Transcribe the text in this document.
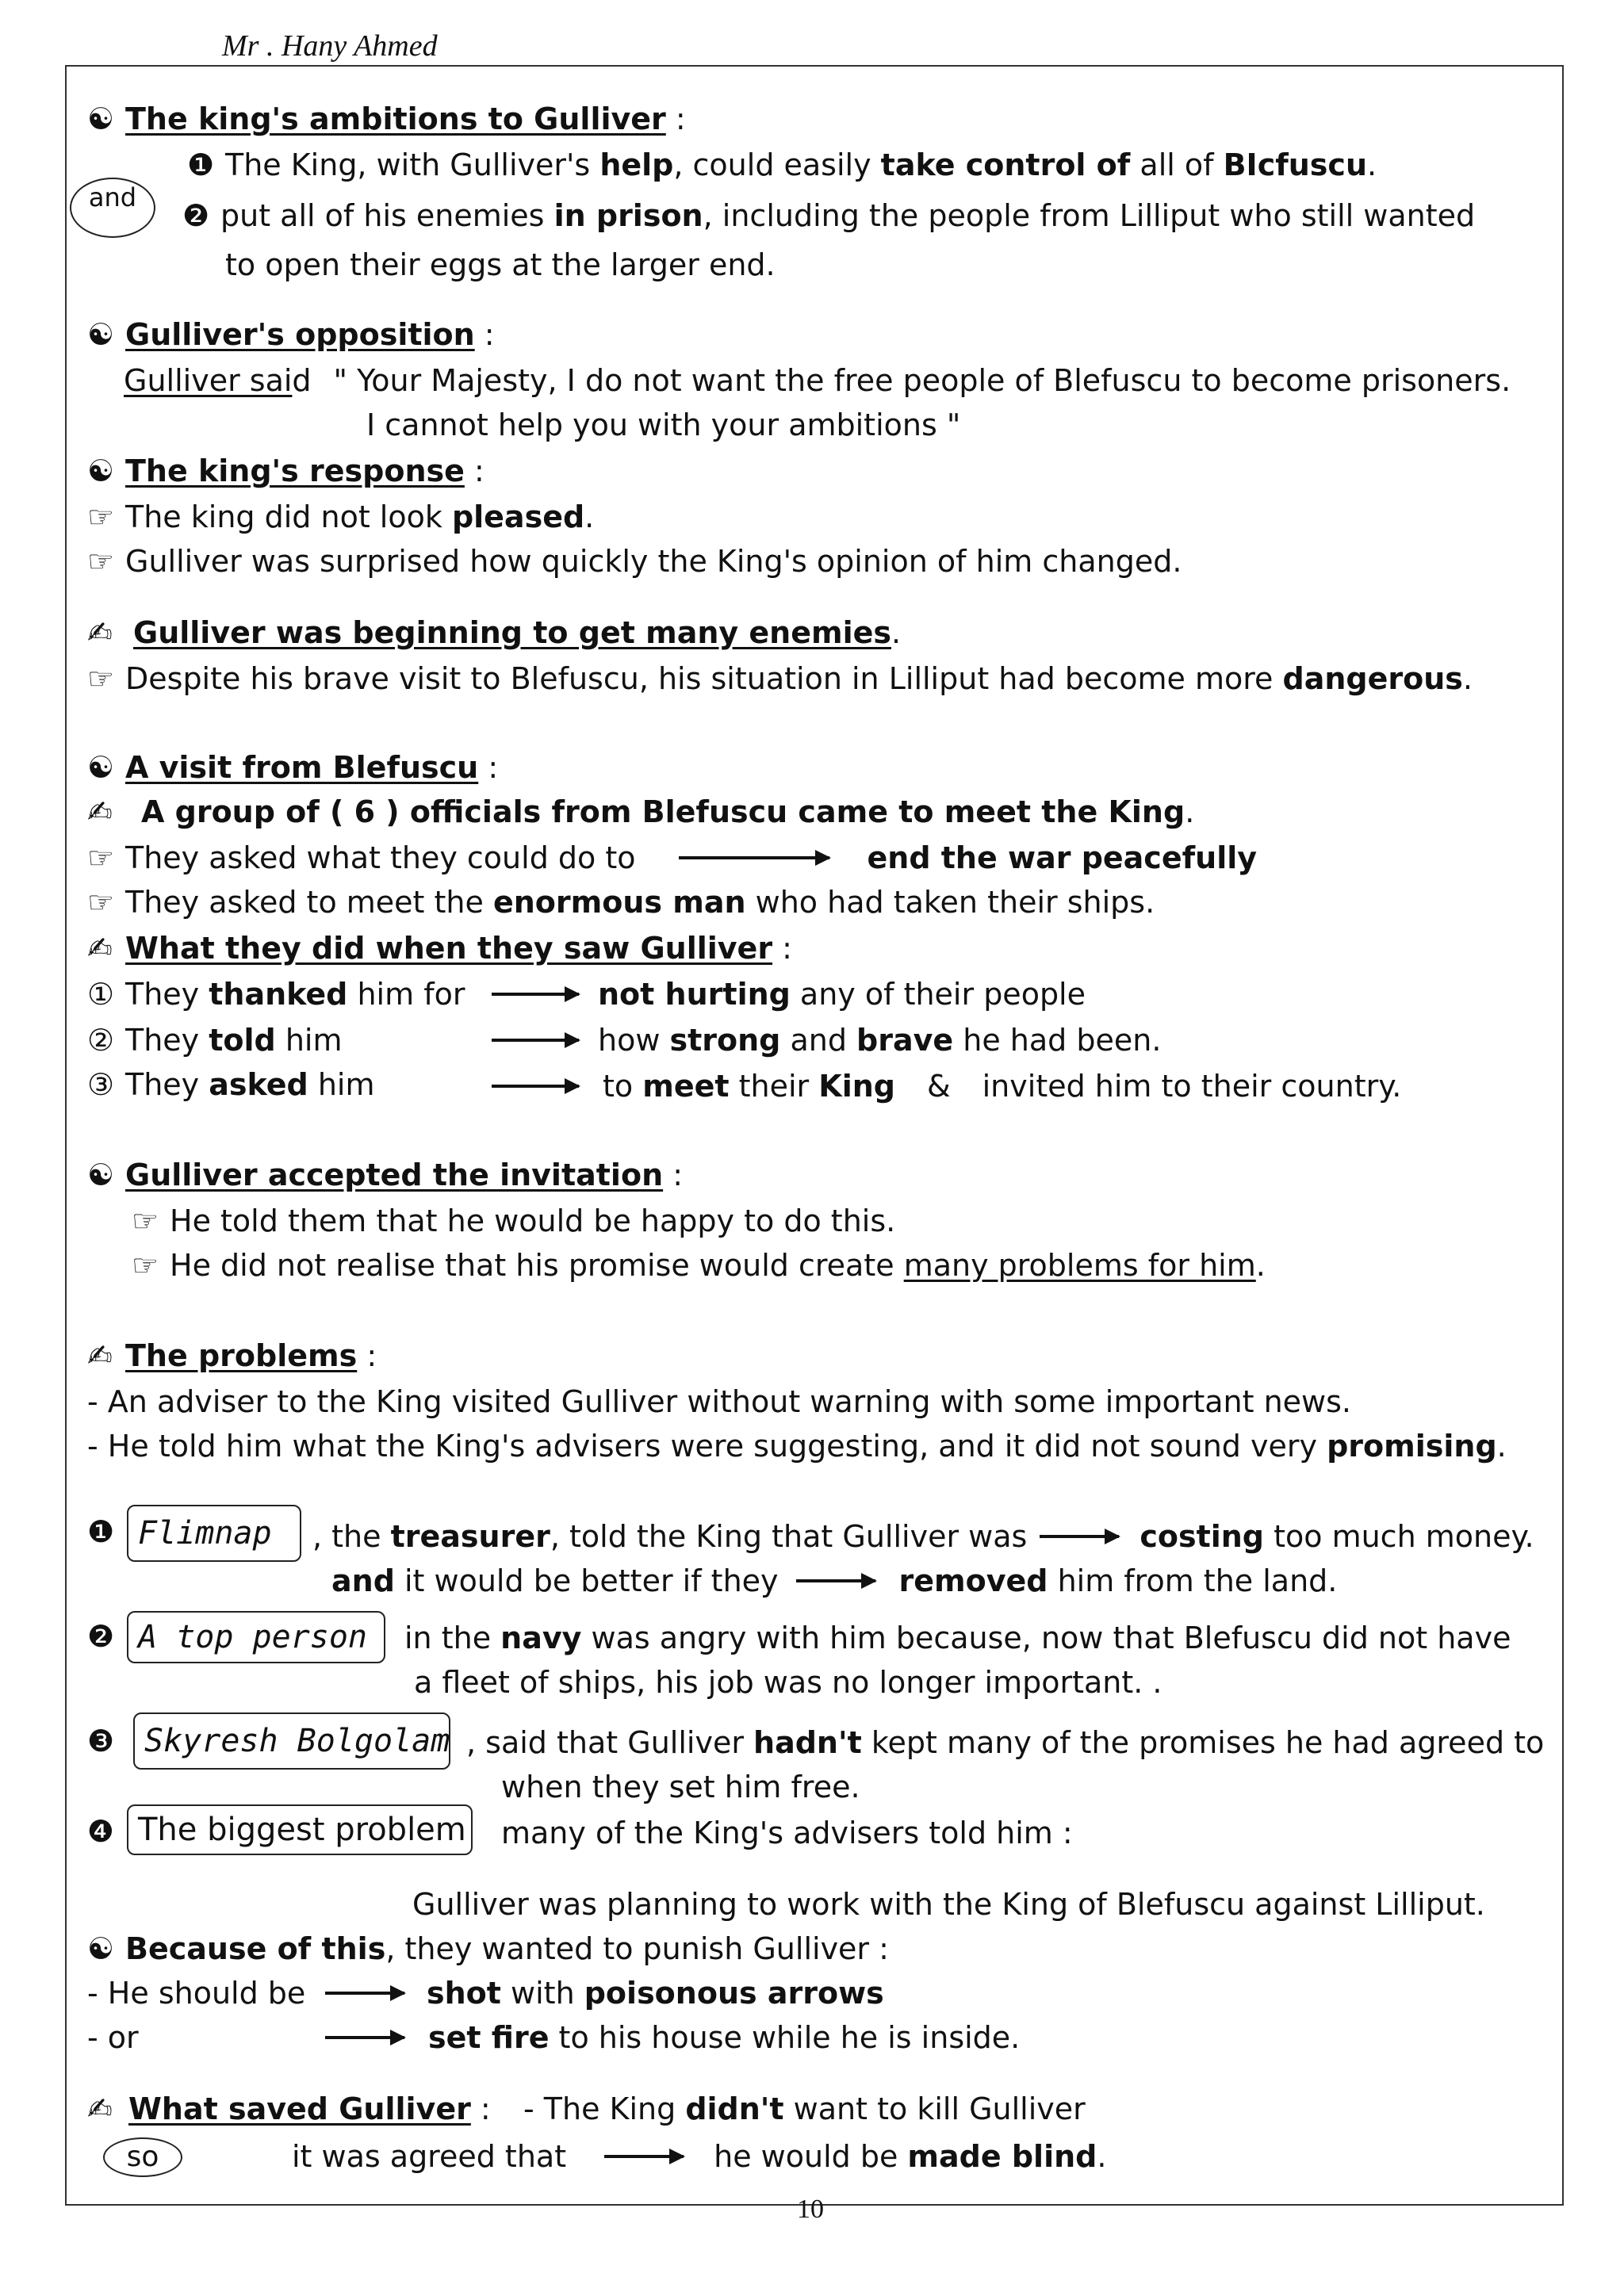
Mr . Hany Ahmed
☯ The king's ambitions to Gulliver :
❶ The King, with Gulliver's help, could easily take control of all of BIcfuscu.
and
❷ put all of his enemies in prison, including the people from Lilliput who still wanted
to open their eggs at the larger end.
☯ Gulliver's opposition :
Gulliver said " Your Majesty, I do not want the free people of Blefuscu to become prisoners.
I cannot help you with your ambitions "
☯ The king's response :
☞ The king did not look pleased.
☞ Gulliver was surprised how quickly the King's opinion of him changed.
✍ Gulliver was beginning to get many enemies.
☞ Despite his brave visit to Blefuscu, his situation in Lilliput had become more dangerous.
☯ A visit from Blefuscu :
✍ A group of ( 6 ) officials from Blefuscu came to meet the King.
☞ They asked what they could do to	end the war peacefully
☞ They asked to meet the enormous man who had taken their ships.
✍ What they did when they saw Gulliver :
① They thanked him for	not hurting any of their people
② They told him	how strong and brave he had been.
③ They asked him	to meet their King & invited him to their country.
☯ Gulliver accepted the invitation :
☞ He told them that he would be happy to do this.
☞ He did not realise that his promise would create many problems for him.
✍ The problems :
- An adviser to the King visited Gulliver without warning with some important news.
- He told him what the King's advisers were suggesting, and it did not sound very promising.
❶ Flimnap	, the treasurer, told the King that Gulliver was	costing too much money.
and it would be better if they	removed him from the land.
❷ A top person	in the navy was angry with him because, now that Blefuscu did not have
a fleet of ships, his job was no longer important. .
❸ Skyresh Bolgolam , said that Gulliver hadn't kept many of the promises he had agreed to
when they set him free.
❹ The biggest problem many of the King's advisers told him :
Gulliver was planning to work with the King of Blefuscu against Lilliput.
☯ Because of this, they wanted to punish Gulliver :
- He should be	shot with poisonous arrows
- or	set fire to his house while he is inside.
✍ What saved Gulliver : - The King didn't want to kill Gulliver
so	it was agreed that	he would be made blind.
10
